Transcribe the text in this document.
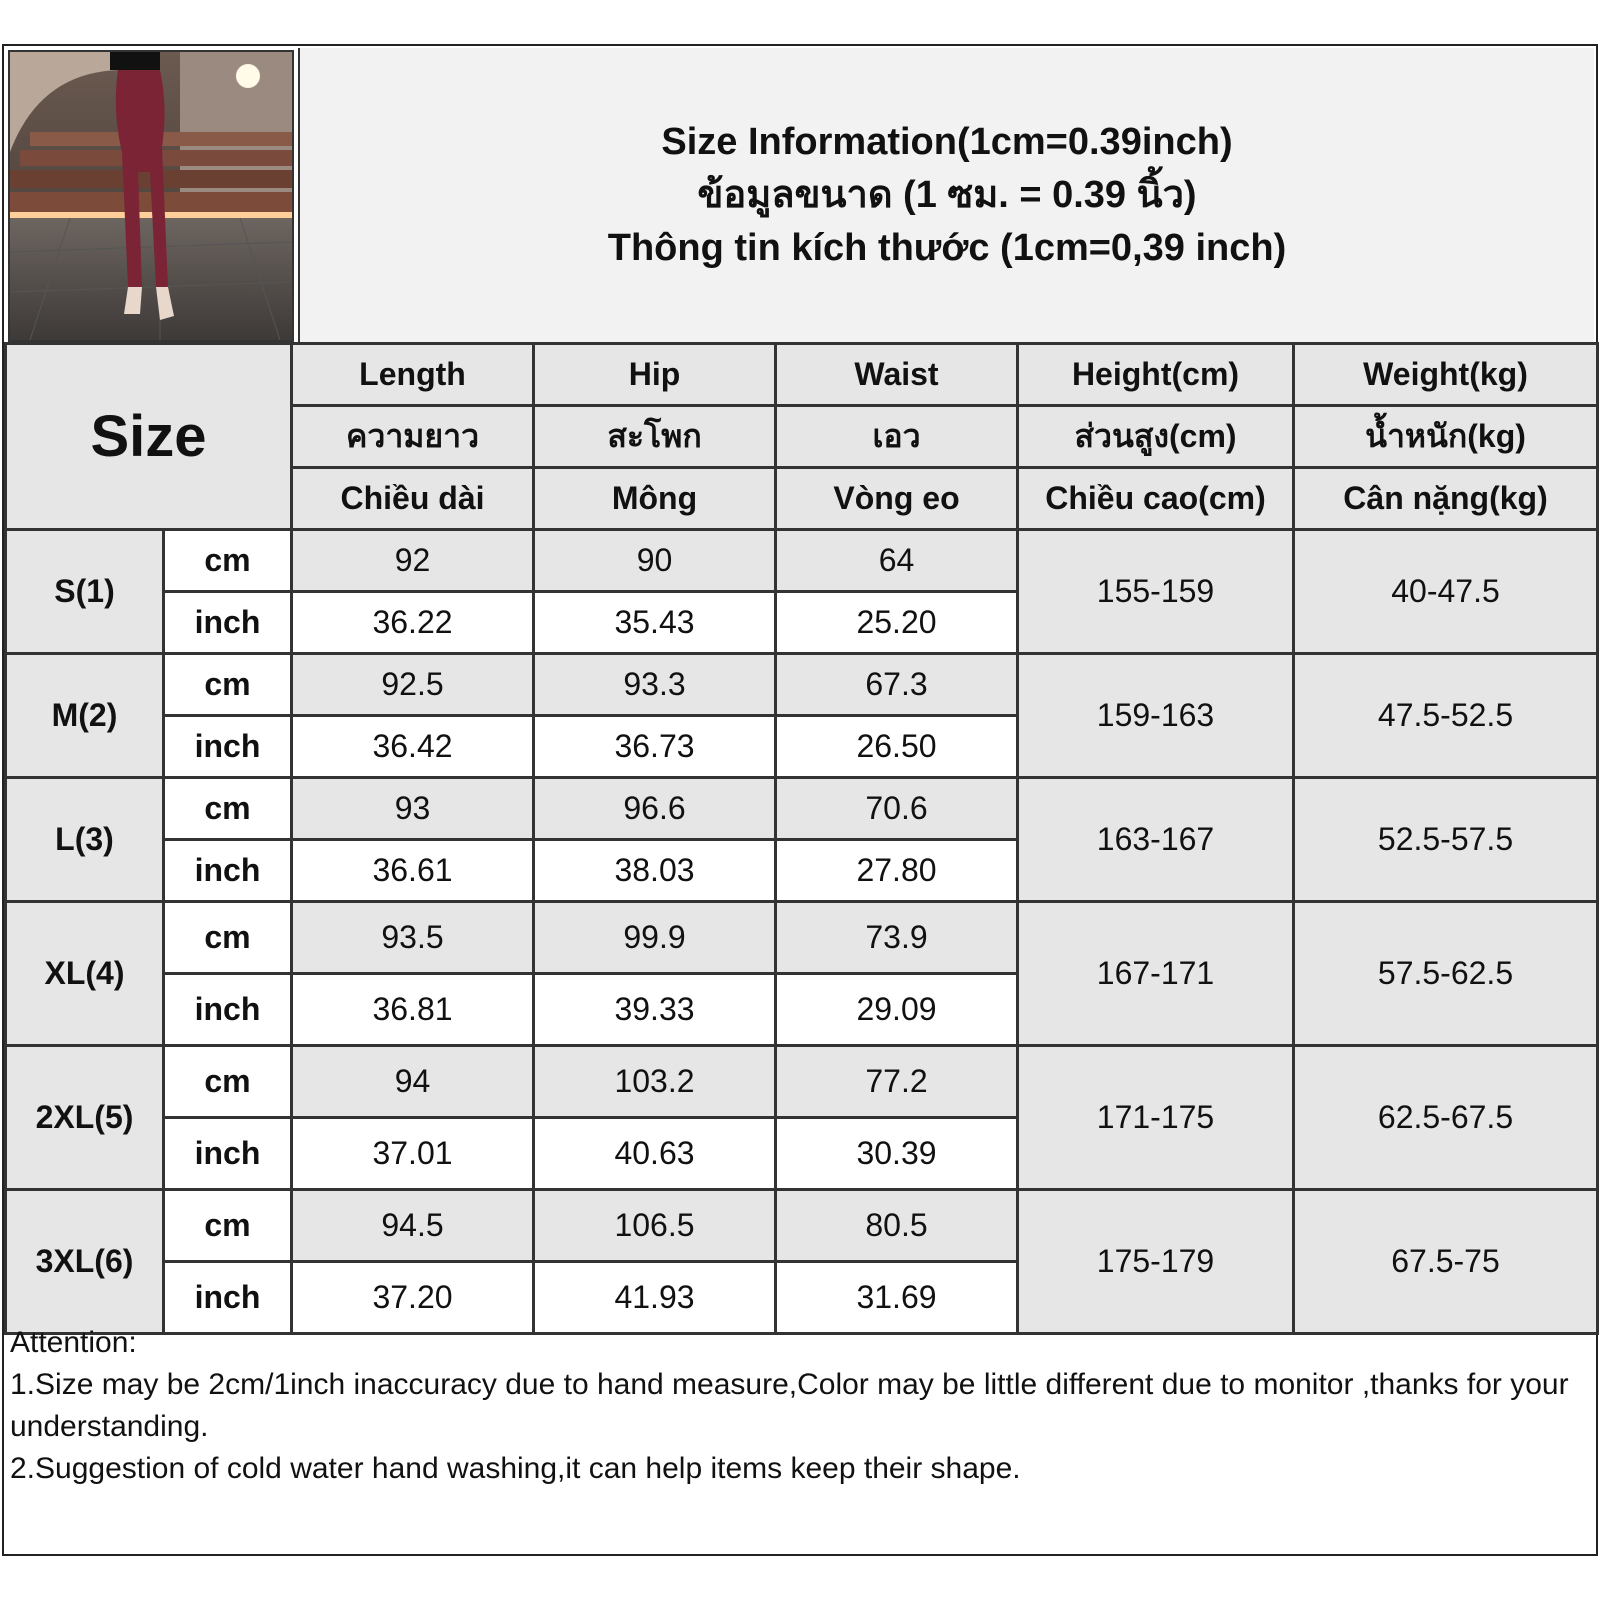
Size Information(1cm=0.39inch)
ข้อมูลขนาด (1 ซม. = 0.39 นิ้ว)
Thông tin kích thước (1cm=0,39 inch)
Size		Length	Hip	Waist	Height(cm)	Weight(kg)
		ความยาว	สะโพก	เอว	ส่วนสูง(cm)	น้ำหนัก(kg)
		Chiều dài	Mông	Vòng eo	Chiều cao(cm)	Cân nặng(kg)
S(1)	cm	92	90	64	155-159	40-47.5
	inch	36.22	35.43	25.20		
M(2)	cm	92.5	93.3	67.3	159-163	47.5-52.5
	inch	36.42	36.73	26.50		
L(3)	cm	93	96.6	70.6	163-167	52.5-57.5
	inch	36.61	38.03	27.80		
XL(4)	cm	93.5	99.9	73.9	167-171	57.5-62.5
	inch	36.81	39.33	29.09		
2XL(5)	cm	94	103.2	77.2	171-175	62.5-67.5
	inch	37.01	40.63	30.39		
3XL(6)	cm	94.5	106.5	80.5	175-179	67.5-75
	inch	37.20	41.93	31.69		

Attention:

1.Size may be 2cm/1inch inaccuracy due to hand measure,Color may be little different due to monitor ,thanks for your understanding.

2.Suggestion of cold water hand washing,it can help items keep their shape.
